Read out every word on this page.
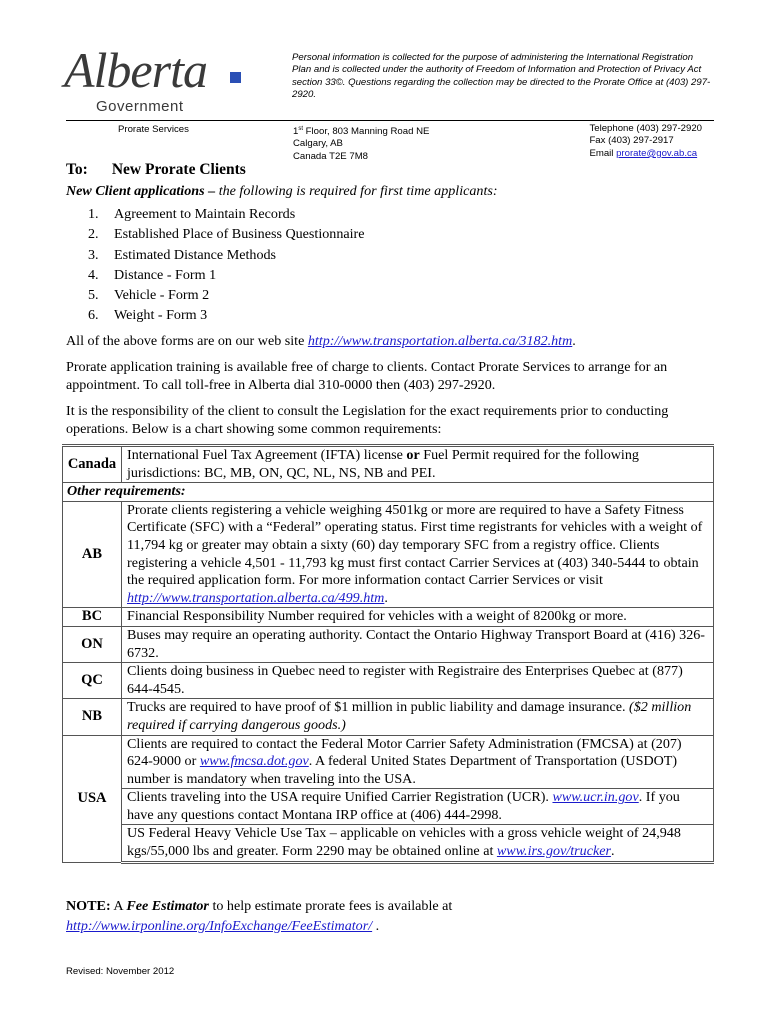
Alberta
Government
Personal information is collected for the purpose of administering the International Registration Plan and is collected under the authority of Freedom of Information and Protection of Privacy Act section 33©. Questions regarding the collection may be directed to the Prorate Office at (403) 297-2920.
Prorate Services	1st Floor, 803 Manning Road NE
Calgary, AB
Canada T2E 7M8
Telephone (403) 297-2920
Fax (403) 297-2917
Email prorate@gov.ab.ca
To: New Prorate Clients
New Client applications – the following is required for first time applicants:
1.	Agreement to Maintain Records
2.	Established Place of Business Questionnaire
3.	Estimated Distance Methods
4.	Distance - Form 1
5.	Vehicle - Form 2
6.	Weight - Form 3
All of the above forms are on our web site http://www.transportation.alberta.ca/3182.htm.
Prorate application training is available free of charge to clients. Contact Prorate Services to arrange for an appointment. To call toll-free in Alberta dial 310-0000 then (403) 297-2920.
It is the responsibility of the client to consult the Legislation for the exact requirements prior to conducting operations. Below is a chart showing some common requirements:
Canada	International Fuel Tax Agreement (IFTA) license or Fuel Permit required for the following jurisdictions: BC, MB, ON, QC, NL, NS, NB and PEI.
Other requirements:	
AB	Prorate clients registering a vehicle weighing 4501kg or more are required to have a Safety Fitness Certificate (SFC) with a “Federal” operating status. First time registrants for vehicles with a weight of 11,794 kg or greater may obtain a sixty (60) day temporary SFC from a registry office. Clients registering a vehicle 4,501 - 11,793 kg must first contact Carrier Services at (403) 340-5444 to obtain the required application form. For more information contact Carrier Services or visit http://www.transportation.alberta.ca/499.htm.
BC	Financial Responsibility Number required for vehicles with a weight of 8200kg or more.
ON	Buses may require an operating authority. Contact the Ontario Highway Transport Board at (416) 326-6732.
QC	Clients doing business in Quebec need to register with Registraire des Enterprises Quebec at (877) 644-4545.
NB	Trucks are required to have proof of $1 million in public liability and damage insurance. ($2 million required if carrying dangerous goods.)
USA	Clients are required to contact the Federal Motor Carrier Safety Administration (FMCSA) at (207) 624-9000 or www.fmcsa.dot.gov. A federal United States Department of Transportation (USDOT) number is mandatory when traveling into the USA.
	Clients traveling into the USA require Unified Carrier Registration (UCR). www.ucr.in.gov. If you have any questions contact Montana IRP office at (406) 444-2998.
	US Federal Heavy Vehicle Use Tax – applicable on vehicles with a gross vehicle weight of 24,948 kgs/55,000 lbs and greater. Form 2290 may be obtained online at www.irs.gov/trucker.
NOTE: A Fee Estimator to help estimate prorate fees is available at http://www.irponline.org/InfoExchange/FeeEstimator/ .
Revised: November 2012
